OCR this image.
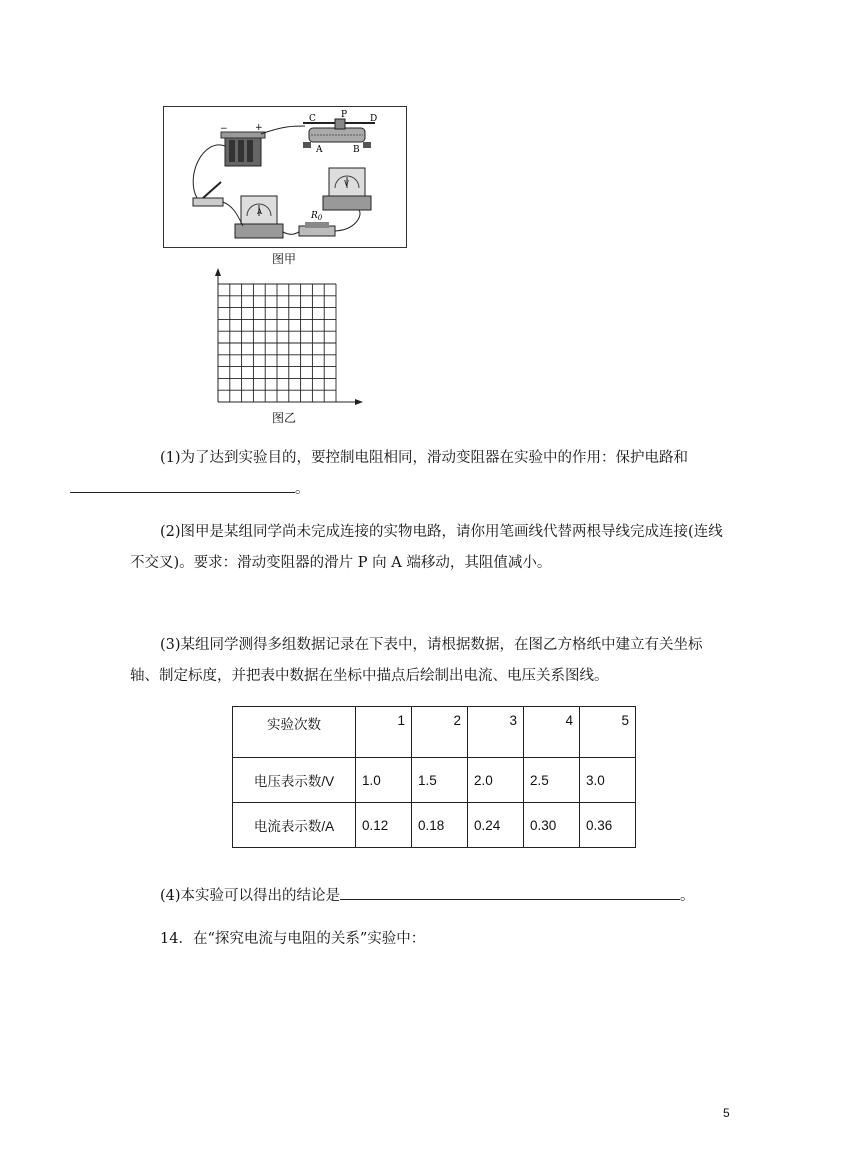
−	+
C	P	D
A	B
A
V
$R_0$
图甲
图乙
(1)为了达到实验目的，要控制电阻相同，滑动变阻器在实验中的作用：保护电路和
。
(2)图甲是某组同学尚未完成连接的实物电路，请你用笔画线代替两根导线完成连接(连线不交叉)。要求：滑动变阻器的滑片 P 向 A 端移动，其阻值减小。
(3)某组同学测得多组数据记录在下表中，请根据数据，在图乙方格纸中建立有关坐标轴、制定标度，并把表中数据在坐标中描点后绘制出电流、电压关系图线。
实验次数	1	2	3	4	5
电压表示数/V	1.0	1.5	2.0	2.5	3.0
电流表示数/A	0.12	0.18	0.24	0.30	0.36
(4)本实验可以得出的结论是	。
14．在“探究电流与电阻的关系”实验中：
5
